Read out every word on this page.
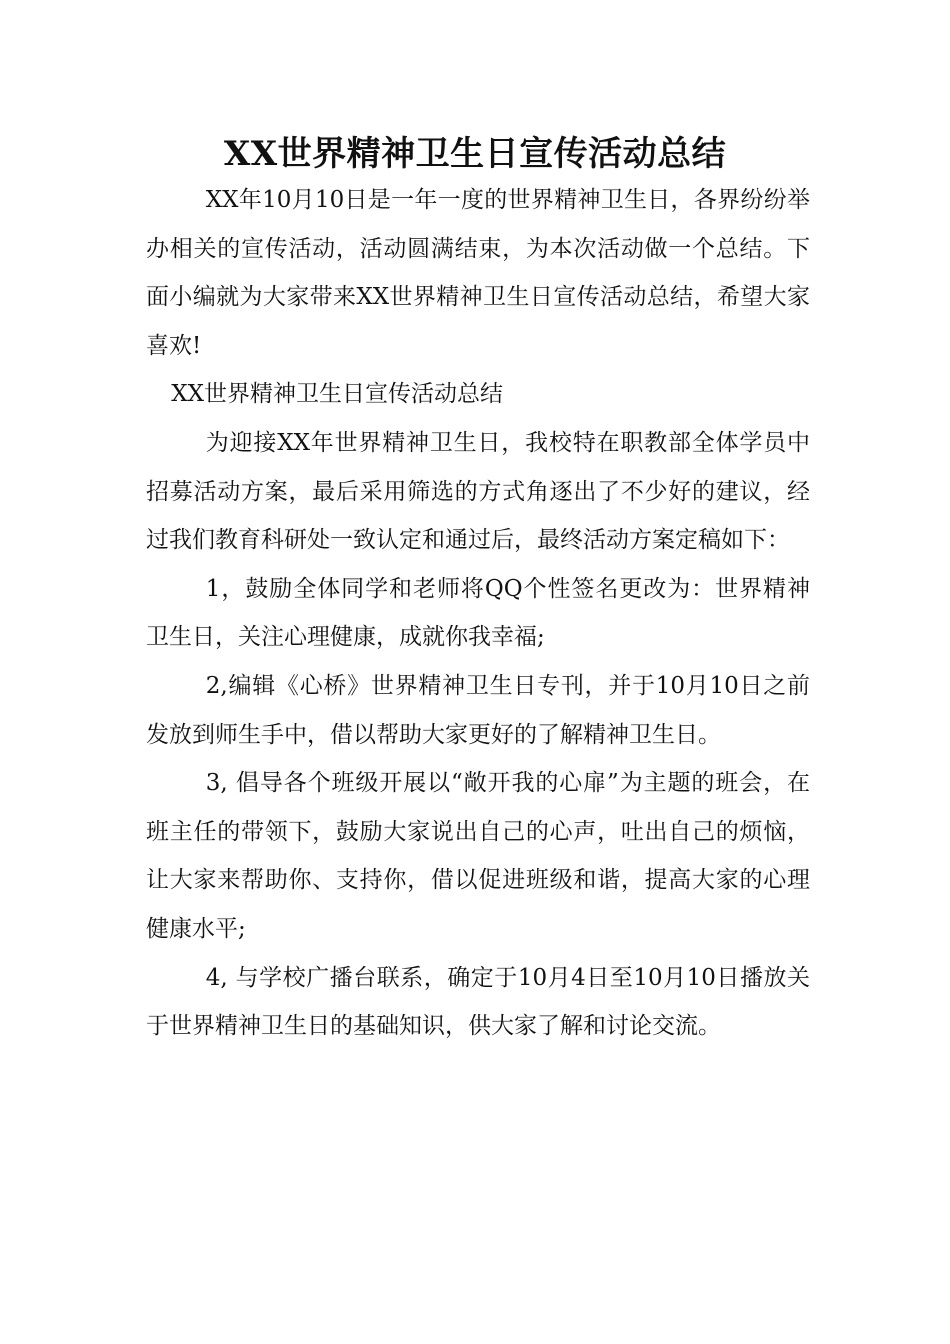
XX世界精神卫生日宣传活动总结

XX年10月10日是一年一度的世界精神卫生日，各界纷纷举办相关的宣传活动，活动圆满结束，为本次活动做一个总结。下面小编就为大家带来XX世界精神卫生日宣传活动总结，希望大家喜欢!

XX世界精神卫生日宣传活动总结

为迎接XX年世界精神卫生日，我校特在职教部全体学员中招募活动方案，最后采用筛选的方式角逐出了不少好的建议，经过我们教育科研处一致认定和通过后，最终活动方案定稿如下：

1，鼓励全体同学和老师将QQ个性签名更改为：世界精神卫生日，关注心理健康，成就你我幸福;

2,编辑《心桥》世界精神卫生日专刊，并于10月10日之前发放到师生手中，借以帮助大家更好的了解精神卫生日。

3, 倡导各个班级开展以“敞开我的心扉”为主题的班会，在班主任的带领下，鼓励大家说出自己的心声，吐出自己的烦恼，让大家来帮助你、支持你，借以促进班级和谐，提高大家的心理健康水平;

4, 与学校广播台联系，确定于10月4日至10月10日播放关于世界精神卫生日的基础知识，供大家了解和讨论交流。
